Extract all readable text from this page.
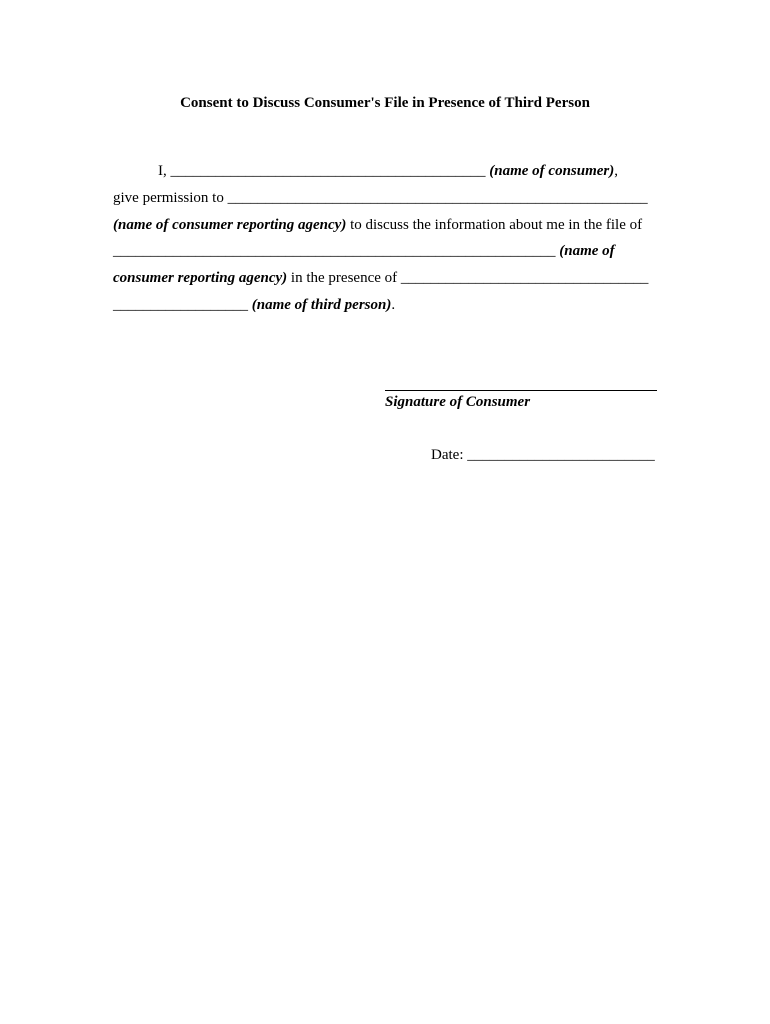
Consent to Discuss Consumer's File in Presence of Third Person
I, __________________________________________ (name of consumer),
give permission to ________________________________________________________
(name of consumer reporting agency) to discuss the information about me in the file of
___________________________________________________________ (name of
consumer reporting agency) in the presence of _________________________________
__________________ (name of third person).
Signature of Consumer
Date: _________________________
